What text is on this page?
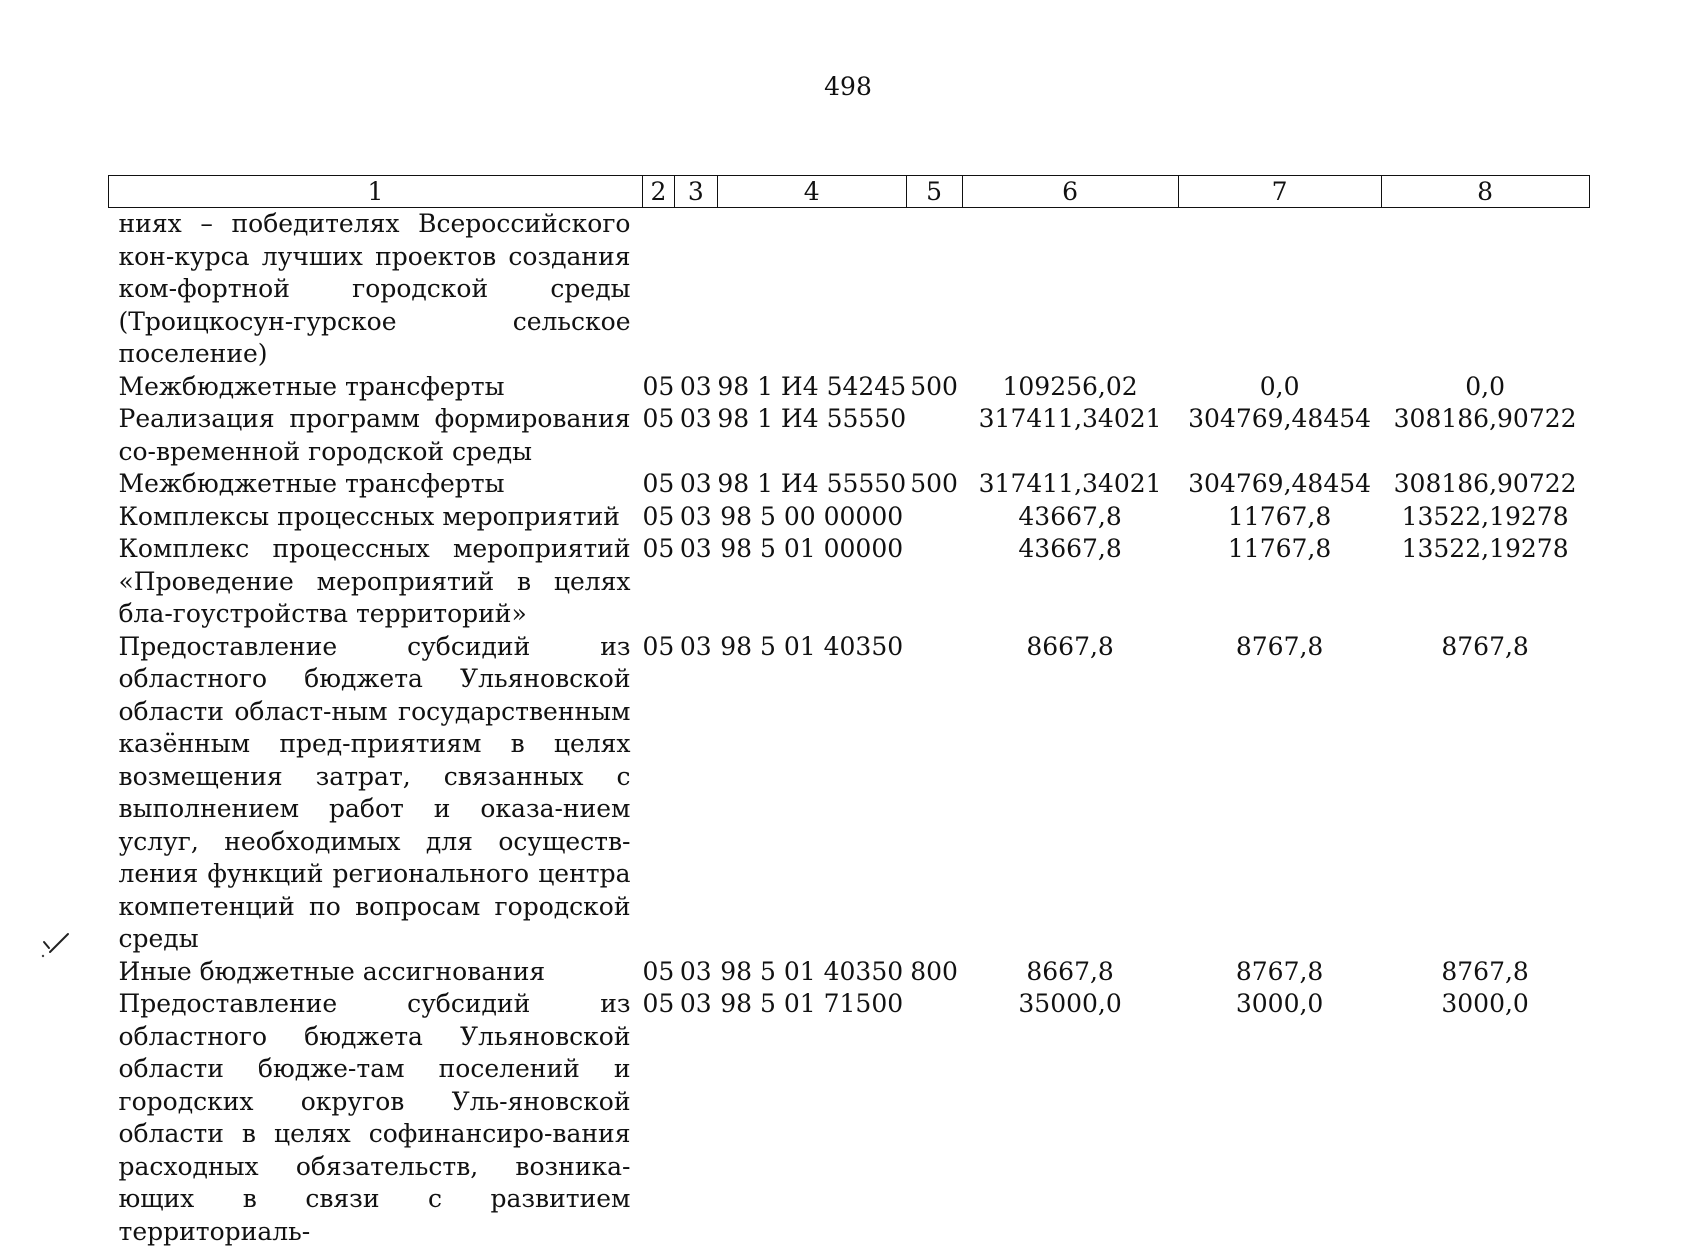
498
1	2	3	4	5	6	7	8
ниях – победителях Всероссийского кон-курса лучших проектов создания ком-фортной городской среды (Троицкосун-гурское сельское поселение)							
Межбюджетные трансферты	05	03	98 1 И4 54245	500	109256,02	0,0	0,0
Реализация программ формирования со-временной городской среды	05	03	98 1 И4 55550		317411,34021	304769,48454	308186,90722
Межбюджетные трансферты	05	03	98 1 И4 55550	500	317411,34021	304769,48454	308186,90722
Комплексы процессных мероприятий	05	03	98 5 00 00000		43667,8	11767,8	13522,19278
Комплекс процессных мероприятий «Проведение мероприятий в целях бла-гоустройства территорий»	05	03	98 5 01 00000		43667,8	11767,8	13522,19278
Предоставление субсидий из областного бюджета Ульяновской области област-ным государственным казённым пред-приятиям в целях возмещения затрат, связанных с выполнением работ и оказа-нием услуг, необходимых для осуществ-ления функций регионального центра компетенций по вопросам городской среды	05	03	98 5 01 40350		8667,8	8767,8	8767,8
Иные бюджетные ассигнования	05	03	98 5 01 40350	800	8667,8	8767,8	8767,8
Предоставление субсидий из областного бюджета Ульяновской области бюдже-там поселений и городских округов Уль-яновской области в целях софинансиро-вания расходных обязательств, возника-ющих в связи с развитием территориаль-	05	03	98 5 01 71500		35000,0	3000,0	3000,0
